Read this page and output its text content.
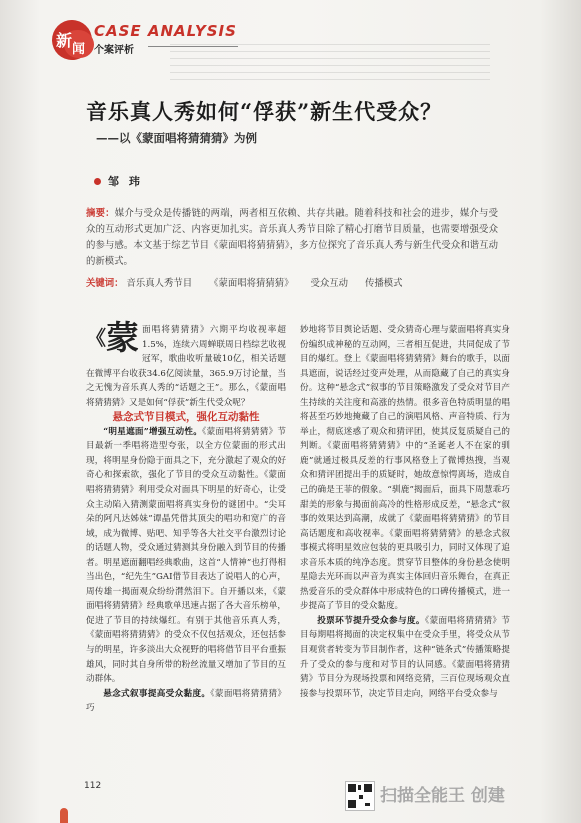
新 闻
CASE ANALYSIS
个案评析
音乐真人秀如何“俘获”新生代受众？
——以《蒙面唱将猜猜猜》为例
邹 玮
摘要：媒介与受众是传播链的两端，两者相互依赖、共存共融。随着科技和社会的进步，媒介与受众的互动形式更加广泛、内容更加扎实。音乐真人秀节目除了精心打磨节目质量，也需要增强受众的参与感。本文基于综艺节目《蒙面唱将猜猜猜》，多方位探究了音乐真人秀与新生代受众和谐互动的新模式。
关键词： 音乐真人秀节目 《蒙面唱将猜猜猜》 受众互动 传播模式

《蒙 面唱将猜猜猜》六期平均收视率超1.5%，连续六周蝉联周日档综艺收视冠军，歌曲收听量破10亿，相关话题在微博平台收获34.6亿阅读量，365.9万讨论量，当之无愧为音乐真人秀的“话题之王”。那么，《蒙面唱将猜猜猜》又是如何“俘获”新生代受众呢？

悬念式节目模式，强化互动黏性

“明星遮面”增强互动性。《蒙面唱将猜猜猜》节目最新一季唱将造型夸张，以全方位蒙面的形式出现，将明星身份隐于面具之下，充分激起了观众的好奇心和探索欲，强化了节目的受众互动黏性。《蒙面唱将猜猜猜》利用受众对面具下明星的好奇心，让受众主动陷入猜测蒙面唱将真实身份的谜团中。“尖耳朵的阿凡达姊妹”谭晶凭借其顶尖的唱功和宽广的音域，成为微博、贴吧、知乎等各大社交平台激烈讨论的话题人物，受众通过猜测其身份融入到节目的传播者。明星遮面翻唱经典歌曲，这首“人情神”也打得相当出色，“纪先生”GAI借节目表达了说唱人的心声，周传雄一揭面观众纷纷潸然泪下。自开播以来，《蒙面唱将猜猜猜》经典歌单迅速占据了各大音乐榜单，促进了节目的持续爆红。有别于其他音乐真人秀，《蒙面唱将猜猜猜》的受众不仅包括观众，还包括参与的明星，许多淡出大众视野的唱将借节目平台重振雄风，同时其自身所带的粉丝流量又增加了节目的互动群体。

悬念式叙事提高受众黏度。《蒙面唱将猜猜猜》巧

妙地将节目舆论话题、受众猜奇心理与蒙面唱将真实身份编织成神秘的互动网，三者相互促进，共同促成了节目的爆红。登上《蒙面唱将猜猜猜》舞台的歌手，以面具遮面，说话经过变声处理，从而隐藏了自己的真实身份。这种“悬念式”叙事的节目策略激发了受众对节目产生持续的关注度和高涨的热情。很多音色特质明显的唱将甚至巧妙地掩藏了自己的演唱风格、声音特质、行为举止，彻底迷惑了观众和猜评团，使其反复质疑自己的判断。《蒙面唱将猜猜猜》中的“圣诞老人不在家的驯鹿”就通过极具反差的行事风格登上了微博热搜，当观众和猜评团提出手的质疑时，她故意惊愕离场，造成自己的确是王菲的假象。“驯鹿”揭面后，面具下周慧乖巧甜美的形象与揭面前高冷的性格形成反差，“悬念式”叙事的效果达到高潮，成就了《蒙面唱将猜猜猜》的节目高话题度和高收视率。《蒙面唱将猜猜猜》的悬念式叙事模式将明星效应包装的更具吸引力，同时又体现了追求音乐本质的纯净态度。贯穿节目整体的身份悬念使明星隐去光环而以声音为真实主体回归音乐舞台，在真正热爱音乐的受众群体中形成特色的口碑传播模式，进一步提高了节目的受众黏度。

投票环节提升受众参与度。《蒙面唱将猜猜猜》节目每期唱将揭面的决定权集中在受众手里，将受众从节目观赏者转变为节目制作者，这种“链条式”传播策略提升了受众的参与度和对节目的认同感。《蒙面唱将猜猜猜》节目分为现场投票和网络竞猜，三百位现场观众直接参与投票环节，决定节目走向，网络平台受众参与

112	扫描全能王 创建
